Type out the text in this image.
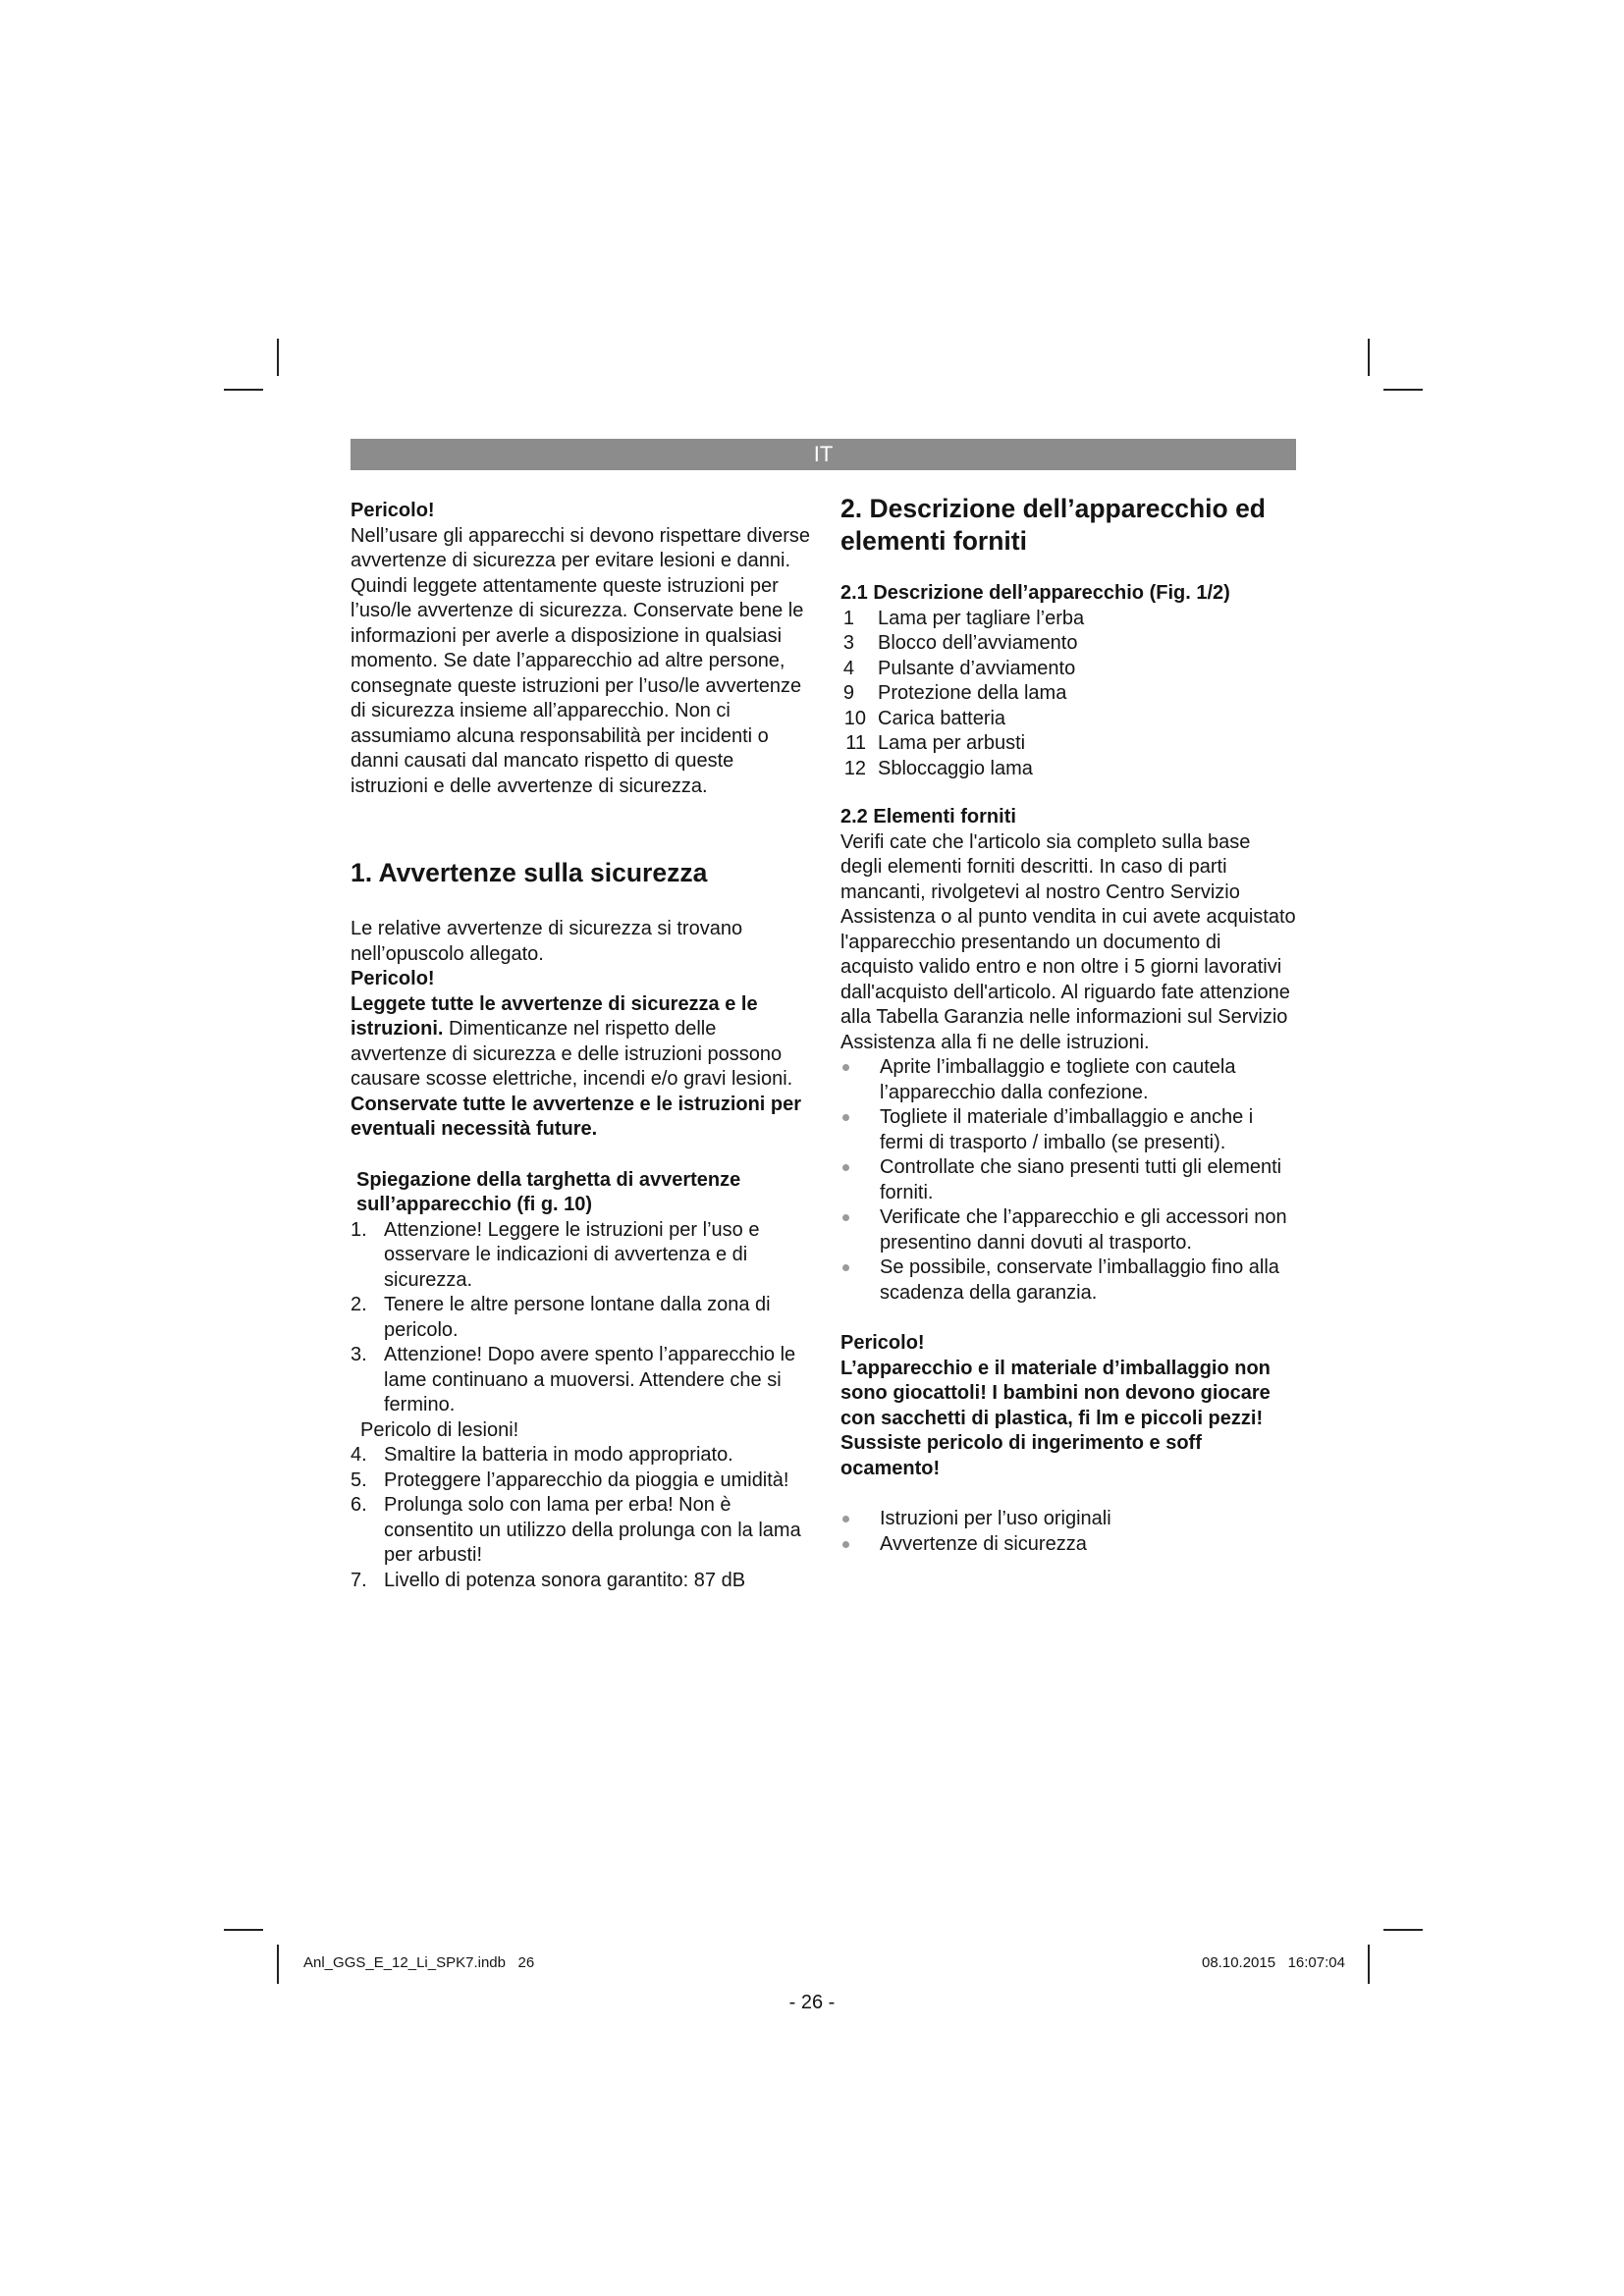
IT

Pericolo!

Nell’usare gli apparecchi si devono rispettare diverse avvertenze di sicurezza per evitare lesioni e danni. Quindi leggete attentamente queste istruzioni per l’uso/le avvertenze di sicurezza. Conservate bene le informazioni per averle a disposizione in qualsiasi momento. Se date l’apparecchio ad altre persone, consegnate queste istruzioni per l’uso/le avvertenze di sicurezza insieme all’apparecchio. Non ci assumiamo alcuna responsabilità per incidenti o danni causati dal mancato rispetto di queste istruzioni e delle avvertenze di sicurezza.

1. Avvertenze sulla sicurezza

Le relative avvertenze di sicurezza si trovano nell’opuscolo allegato.

Pericolo!

Leggete tutte le avvertenze di sicurezza e le istruzioni. Dimenticanze nel rispetto delle avvertenze di sicurezza e delle istruzioni possono causare scosse elettriche, incendi e/o gravi lesioni.

Conservate tutte le avvertenze e le istruzioni per eventuali necessità future.

Spiegazione della targhetta di avvertenze sull’apparecchio (fi g. 10)
1. Attenzione! Leggere le istruzioni per l’uso e osservare le indicazioni di avvertenza e di sicurezza.
2. Tenere le altre persone lontane dalla zona di pericolo.
3. Attenzione! Dopo avere spento l’apparecchio le lame continuano a muoversi. Attendere che si fermino.

Pericolo di lesioni!

4. Smaltire la batteria in modo appropriato.
5. Proteggere l’apparecchio da pioggia e umidità!
6. Prolunga solo con lama per erba! Non è consentito un utilizzo della prolunga con la lama per arbusti!
7. Livello di potenza sonora garantito: 87 dB
2. Descrizione dell’apparecchio ed elementi forniti
2.1 Descrizione dell’apparecchio (Fig. 1/2)
1 Lama per tagliare l’erba
3 Blocco dell’avviamento
4 Pulsante d’avviamento
9 Protezione della lama
10 Carica batteria
11 Lama per arbusti
12 Sbloccaggio lama
2.2 Elementi forniti

Verifi cate che l'articolo sia completo sulla base degli elementi forniti descritti. In caso di parti mancanti, rivolgetevi al nostro Centro Servizio Assistenza o al punto vendita in cui avete acquistato l'apparecchio presentando un documento di acquisto valido entro e non oltre i 5 giorni lavorativi dall'acquisto dell'articolo. Al riguardo fate attenzione alla Tabella Garanzia nelle informazioni sul Servizio Assistenza alla fi ne delle istruzioni.

Aprite l’imballaggio e togliete con cautela l’apparecchio dalla confezione.
Togliete il materiale d’imballaggio e anche i fermi di trasporto / imballo (se presenti).
Controllate che siano presenti tutti gli elementi forniti.
Verificate che l’apparecchio e gli accessori non presentino danni dovuti al trasporto.
Se possibile, conservate l’imballaggio fino alla scadenza della garanzia.

Pericolo!

L’apparecchio e il materiale d’imballaggio non sono giocattoli! I bambini non devono giocare con sacchetti di plastica, fi lm e piccoli pezzi! Sussiste pericolo di ingerimento e soff ocamento!

Istruzioni per l’uso originali
Avvertenze di sicurezza
- 26 -
Anl_GGS_E_12_Li_SPK7.indb   26	08.10.2015   16:07:04
